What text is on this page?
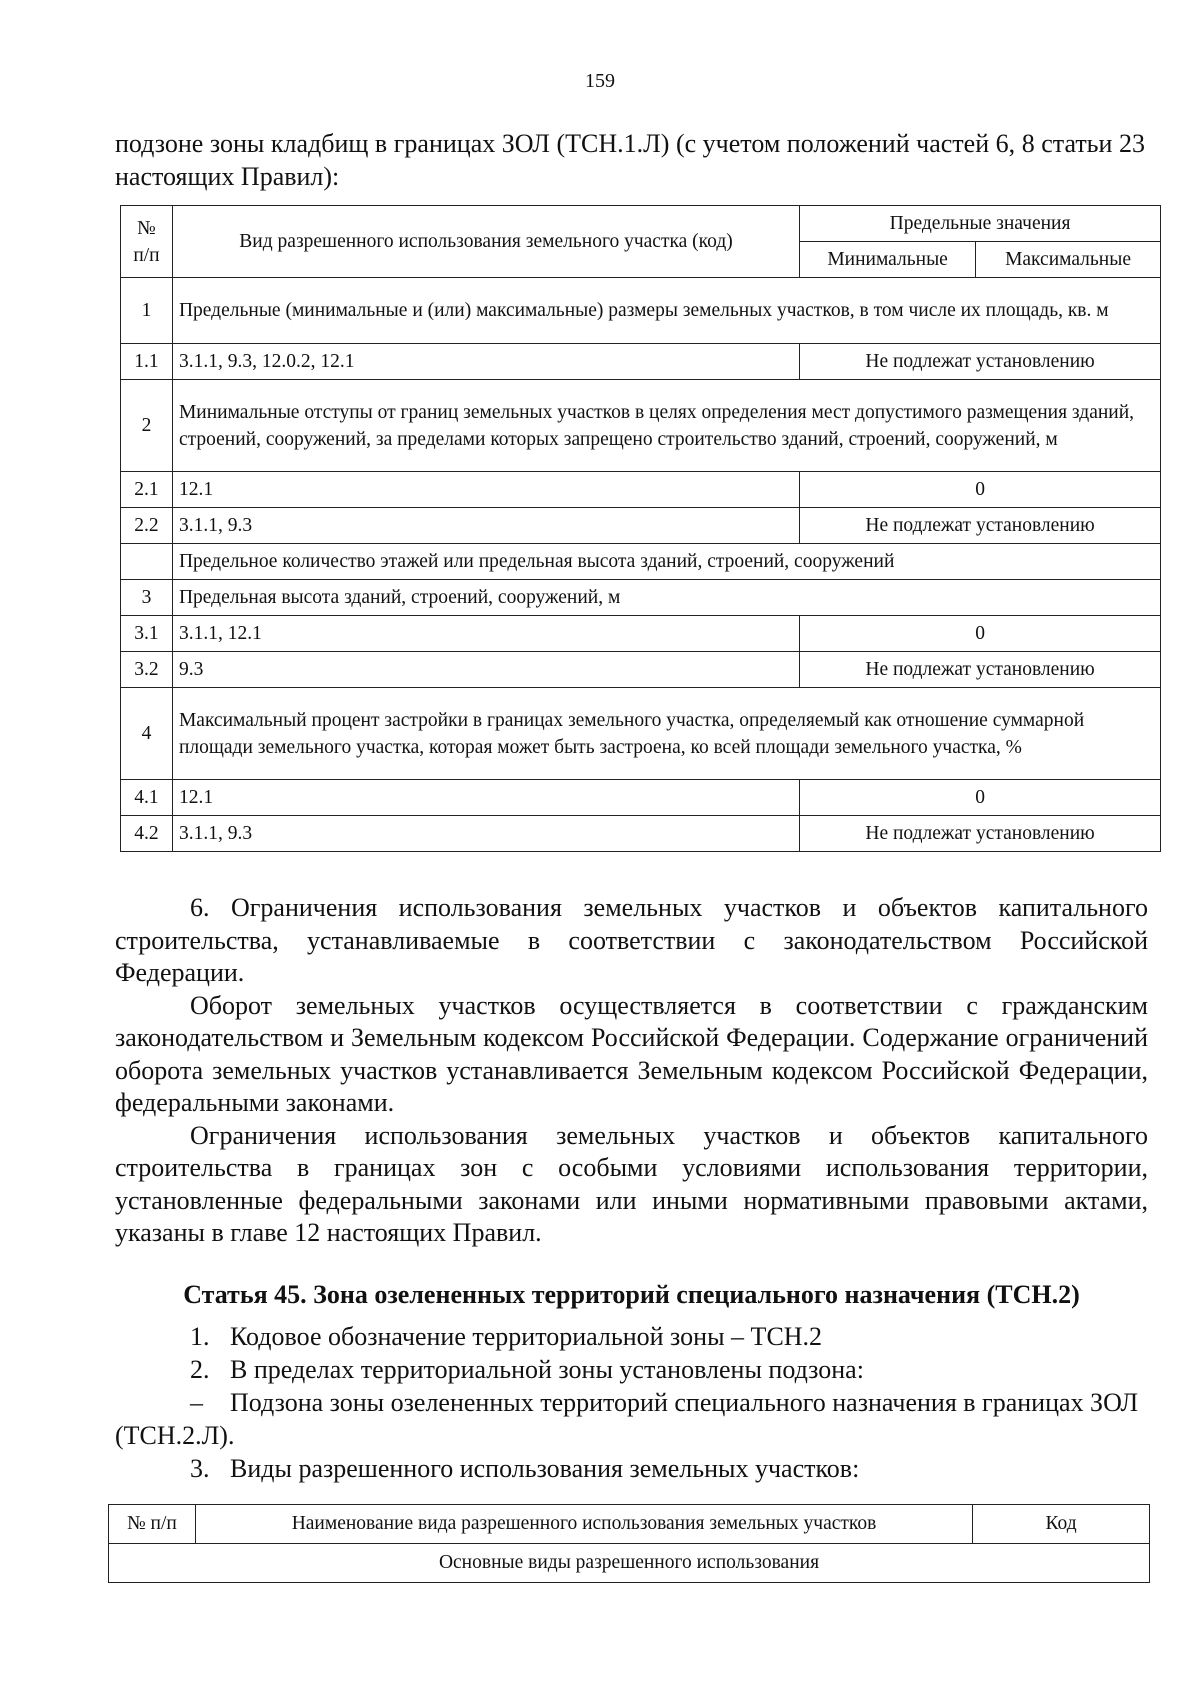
159
подзоне зоны кладбищ в границах ЗОЛ (ТСН.1.Л) (с учетом положений частей 6, 8 статьи 23 настоящих Правил):
№ п/п	Вид разрешенного использования земельного участка (код)	Предельные значения	
		Минимальные	Максимальные
1	Предельные (минимальные и (или) максимальные) размеры земельных участков, в том числе их площадь, кв. м		
1.1	3.1.1, 9.3, 12.0.2, 12.1	Не подлежат установлению	
2	Минимальные отступы от границ земельных участков в целях определения мест допустимого размещения зданий, строений, сооружений, за пределами которых запрещено строительство зданий, строений, сооружений, м		
2.1	12.1	0	
2.2	3.1.1, 9.3	Не подлежат установлению	
	Предельное количество этажей или предельная высота зданий, строений, сооружений		
3	Предельная высота зданий, строений, сооружений, м		
3.1	3.1.1, 12.1	0	
3.2	9.3	Не подлежат установлению	
4	Максимальный процент застройки в границах земельного участка, определяемый как отношение суммарной площади земельного участка, которая может быть застроена, ко всей площади земельного участка, %		
4.1	12.1	0	
4.2	3.1.1, 9.3	Не подлежат установлению	

6. Ограничения использования земельных участков и объектов капитального строительства, устанавливаемые в соответствии с законодательством Российской Федерации.

Оборот земельных участков осуществляется в соответствии с гражданским законодательством и Земельным кодексом Российской Федерации. Содержание ограничений оборота земельных участков устанавливается Земельным кодексом Российской Федерации, федеральными законами.

Ограничения использования земельных участков и объектов капитального строительства в границах зон с особыми условиями использования территории, установленные федеральными законами или иными нормативными правовыми актами, указаны в главе 12 настоящих Правил.

Статья 45. Зона озелененных территорий специального назначения (ТСН.2)

1. Кодовое обозначение территориальной зоны – ТСН.2

2. В пределах территориальной зоны установлены подзона:

– Подзона зоны озелененных территорий специального назначения в границах ЗОЛ (ТСН.2.Л).

3. Виды разрешенного использования земельных участков:

№ п/п	Наименование вида разрешенного использования земельных участков	Код
Основные виды разрешенного использования
